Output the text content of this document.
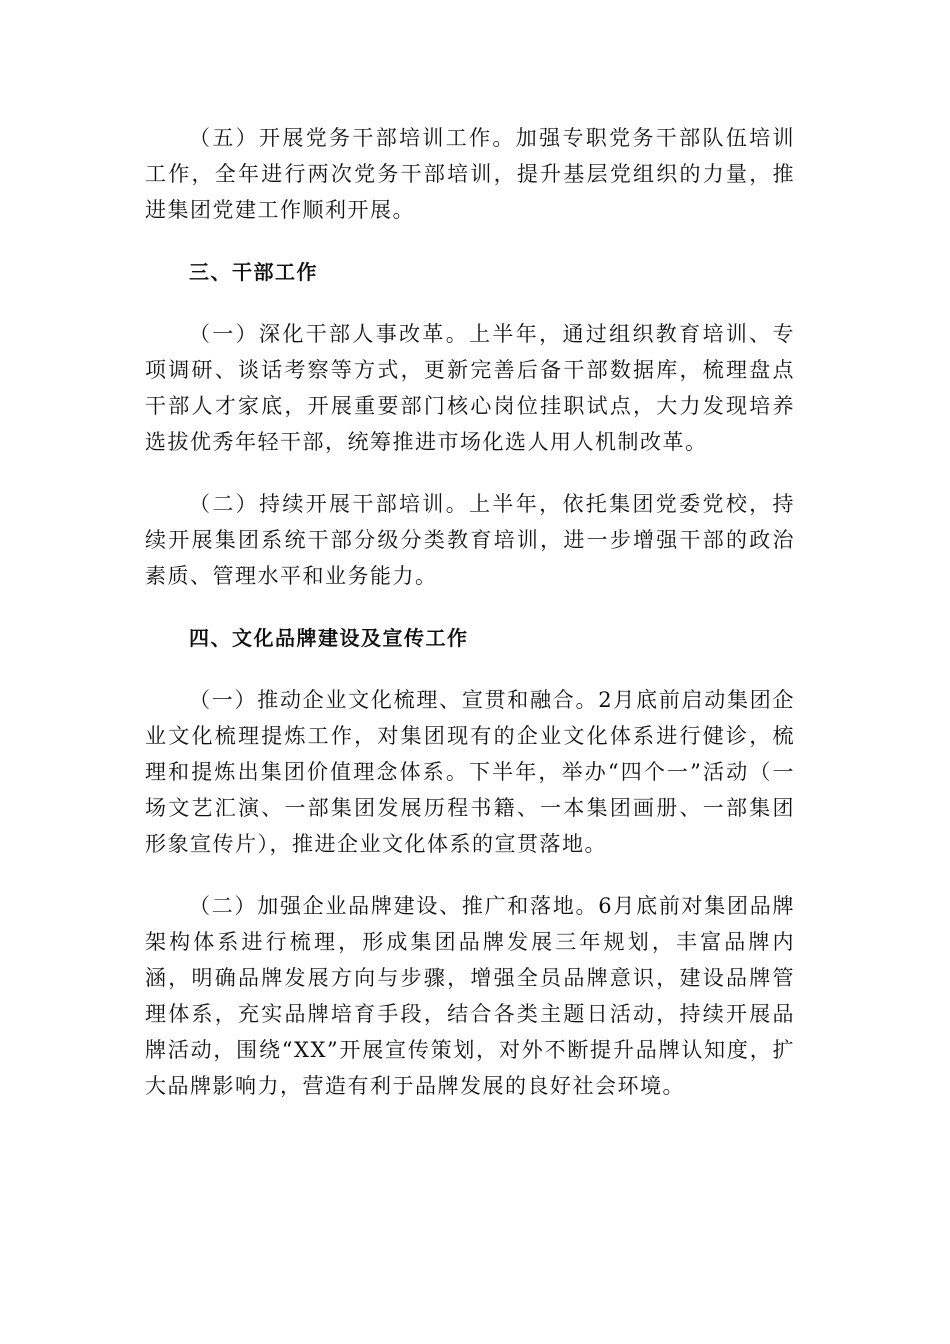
（五）开展党务干部培训工作。加强专职党务干部队伍培训工作，全年进行两次党务干部培训，提升基层党组织的力量，推进集团党建工作顺利开展。

三、干部工作

（一）深化干部人事改革。上半年，通过组织教育培训、专项调研、谈话考察等方式，更新完善后备干部数据库，梳理盘点干部人才家底，开展重要部门核心岗位挂职试点，大力发现培养选拔优秀年轻干部，统筹推进市场化选人用人机制改革。

（二）持续开展干部培训。上半年，依托集团党委党校，持续开展集团系统干部分级分类教育培训，进一步增强干部的政治素质、管理水平和业务能力。

四、文化品牌建设及宣传工作

（一）推动企业文化梳理、宣贯和融合。2月底前启动集团企业文化梳理提炼工作，对集团现有的企业文化体系进行健诊，梳理和提炼出集团价值理念体系。下半年，举办“四个一”活动（一场文艺汇演、一部集团发展历程书籍、一本集团画册、一部集团形象宣传片），推进企业文化体系的宣贯落地。

（二）加强企业品牌建设、推广和落地。6月底前对集团品牌架构体系进行梳理，形成集团品牌发展三年规划，丰富品牌内涵，明确品牌发展方向与步骤，增强全员品牌意识，建设品牌管理体系，充实品牌培育手段，结合各类主题日活动，持续开展品牌活动，围绕“XX”开展宣传策划，对外不断提升品牌认知度，扩大品牌影响力，营造有利于品牌发展的良好社会环境。
